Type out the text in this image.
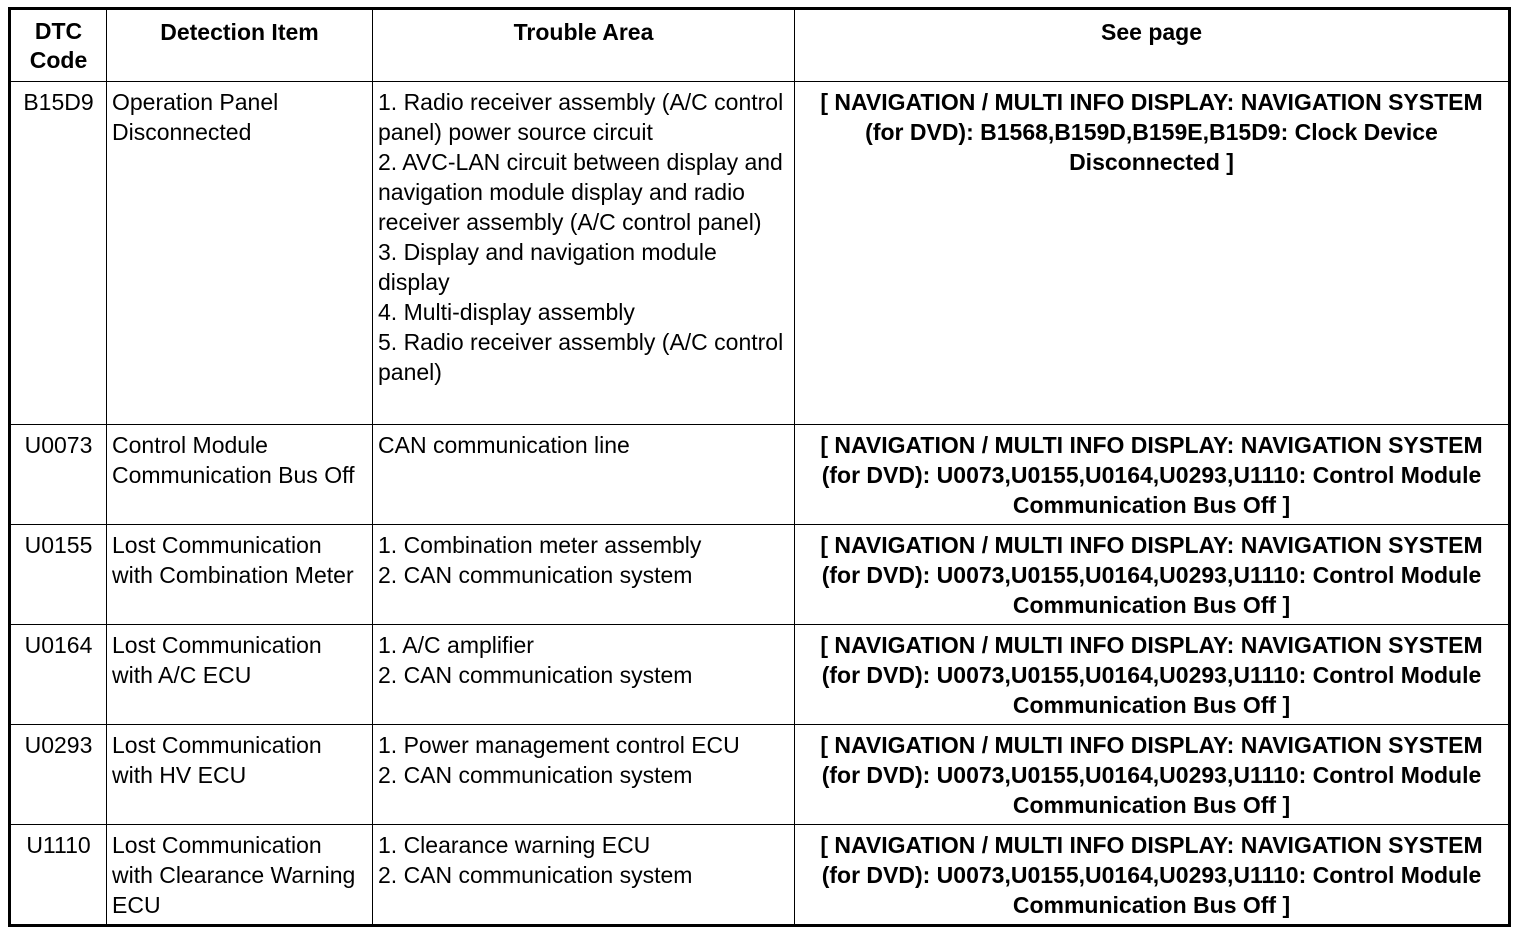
DTC Code	Detection Item	Trouble Area	See page
B15D9	Operation Panel Disconnected	1. Radio receiver assembly (A/C control panel) power source circuit
2. AVC-LAN circuit between display and navigation module display and radio receiver assembly (A/C control panel)
3. Display and navigation module display
4. Multi-display assembly
5. Radio receiver assembly (A/C control panel)	[ NAVIGATION / MULTI INFO DISPLAY: NAVIGATION SYSTEM (for DVD): B1568,B159D,B159E,B15D9: Clock Device Disconnected ]
U0073	Control Module Communication Bus Off	CAN communication line	[ NAVIGATION / MULTI INFO DISPLAY: NAVIGATION SYSTEM (for DVD): U0073,U0155,U0164,U0293,U1110: Control Module Communication Bus Off ]
U0155	Lost Communication with Combination Meter	1. Combination meter assembly
2. CAN communication system	[ NAVIGATION / MULTI INFO DISPLAY: NAVIGATION SYSTEM (for DVD): U0073,U0155,U0164,U0293,U1110: Control Module Communication Bus Off ]
U0164	Lost Communication with A/C ECU	1. A/C amplifier
2. CAN communication system	[ NAVIGATION / MULTI INFO DISPLAY: NAVIGATION SYSTEM (for DVD): U0073,U0155,U0164,U0293,U1110: Control Module Communication Bus Off ]
U0293	Lost Communication with HV ECU	1. Power management control ECU
2. CAN communication system	[ NAVIGATION / MULTI INFO DISPLAY: NAVIGATION SYSTEM (for DVD): U0073,U0155,U0164,U0293,U1110: Control Module Communication Bus Off ]
U1110	Lost Communication with Clearance Warning ECU	1. Clearance warning ECU
2. CAN communication system	[ NAVIGATION / MULTI INFO DISPLAY: NAVIGATION SYSTEM (for DVD): U0073,U0155,U0164,U0293,U1110: Control Module Communication Bus Off ]
